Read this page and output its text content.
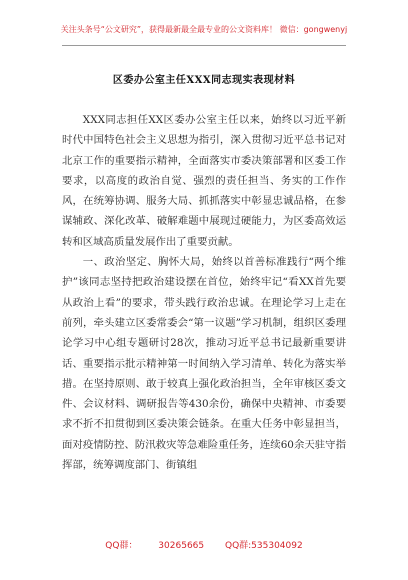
关注头条号“公文研究”，获得最新最全最专业的公文资料库！ 微信：gongwenyj
区委办公室主任XXX同志现实表现材料

XXX同志担任XX区委办公室主任以来，始终以习近平新时代中国特色社会主义思想为指引，深入贯彻习近平总书记对北京工作的重要指示精神，全面落实市委决策部署和区委工作要求，以高度的政治自觉、强烈的责任担当、务实的工作作风，在统筹协调、服务大局、抓抓落实中彰显忠诚品格，在参谋辅政、深化改革、破解难题中展现过硬能力，为区委高效运转和区域高质量发展作出了重要贡献。

一、政治坚定、胸怀大局，始终以首善标准践行“两个维护”该同志坚持把政治建设摆在首位，始终牢记“看XX首先要从政治上看”的要求，带头践行政治忠诚。在理论学习上走在前列，牵头建立区委常委会“第一议题”学习机制，组织区委理论学习中心组专题研讨28次，推动习近平总书记最新重要讲话、重要指示批示精神第一时间纳入学习清单、转化为落实举措。在坚持原则、敢于较真上强化政治担当，全年审核区委文件、会议材料、调研报告等430余份，确保中央精神、市委要求不折不扣贯彻到区委决策会链条。在重大任务中彰显担当，面对疫情防控、防汛救灾等急难险重任务，连续60余天驻守指挥部，统筹调度部门、街镇组

QQ群： 30265665 QQ群:535304092
